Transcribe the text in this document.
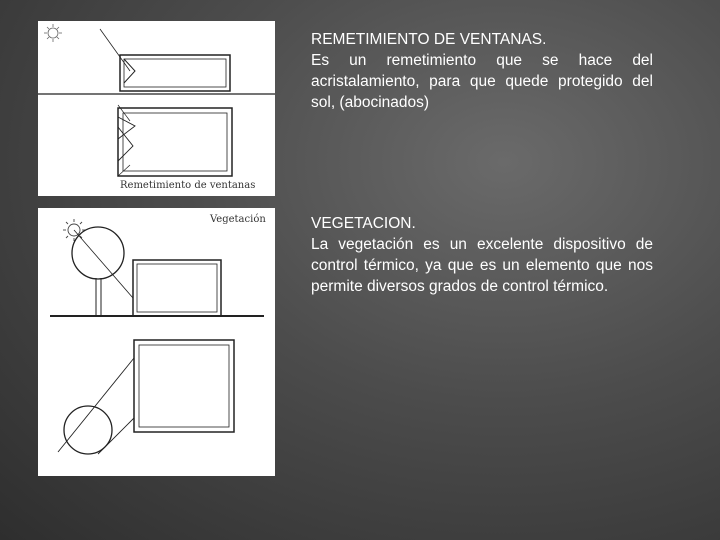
Remetimiento de ventanas
Vegetación
REMETIMIENTO DE VENTANAS.
Es un remetimiento que se hace del acristalamiento, para que quede protegido del sol, (abocinados)
VEGETACION.
La vegetación es un excelente dispositivo de control térmico, ya que es un elemento que nos permite diversos grados de control térmico.
